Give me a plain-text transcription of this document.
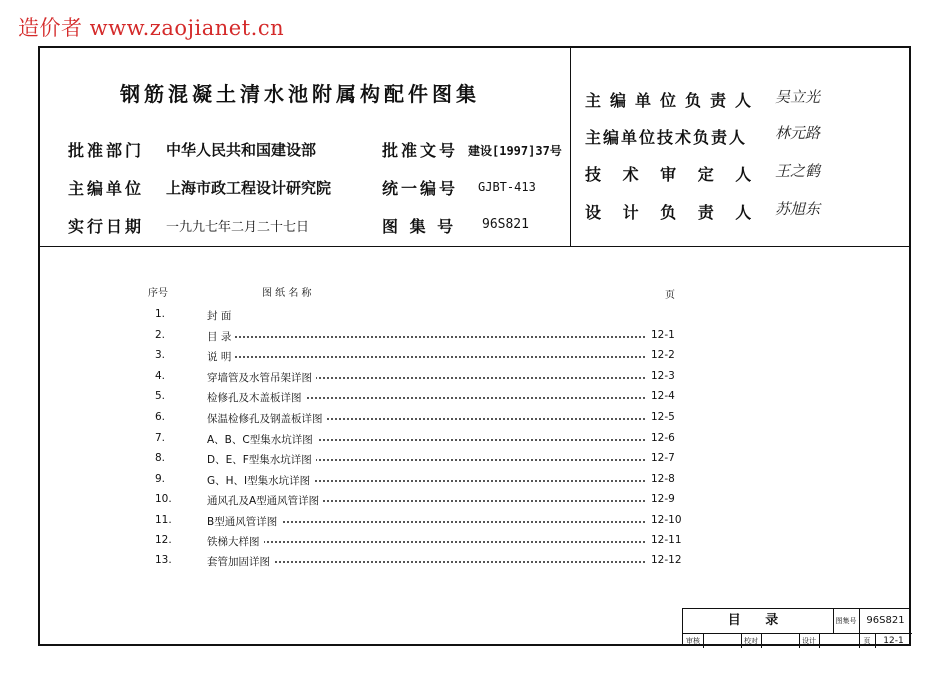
造价者 www.zaojianet.cn
钢筋混凝土清水池附属构配件图集
批准部门 中华人民共和国建设部	批准文号 建设[1997]37号
主编单位 上海市政工程设计研究院	统一编号 GJBT-413
实行日期 一九九七年二月二十七日	图 集 号 96S821
主编单位负责人 吴立光
主编单位技术负责人 林元路
技 术 审 定 人 王之鹤
设 计 负 责 人 苏旭东
序号	图 纸 名 称	页
1.	封 面
2.	目 录	12-1
3.	说 明	12-2
4.	穿墙管及水管吊架详图	12-3
5.	检修孔及木盖板详图	12-4
6.	保温检修孔及钢盖板详图	12-5
7.	A、B、C型集水坑详图	12-6
8.	D、E、F型集水坑详图	12-7
9.	G、H、I型集水坑详图	12-8
10.	通风孔及A型通风管详图	12-9
11.	B型通风管详图	12-10
12.	铁梯大样图	12-11
13.	套管加固详图	12-12
目 录	图集号 96S821
审核	校对	设计	页	12-1
